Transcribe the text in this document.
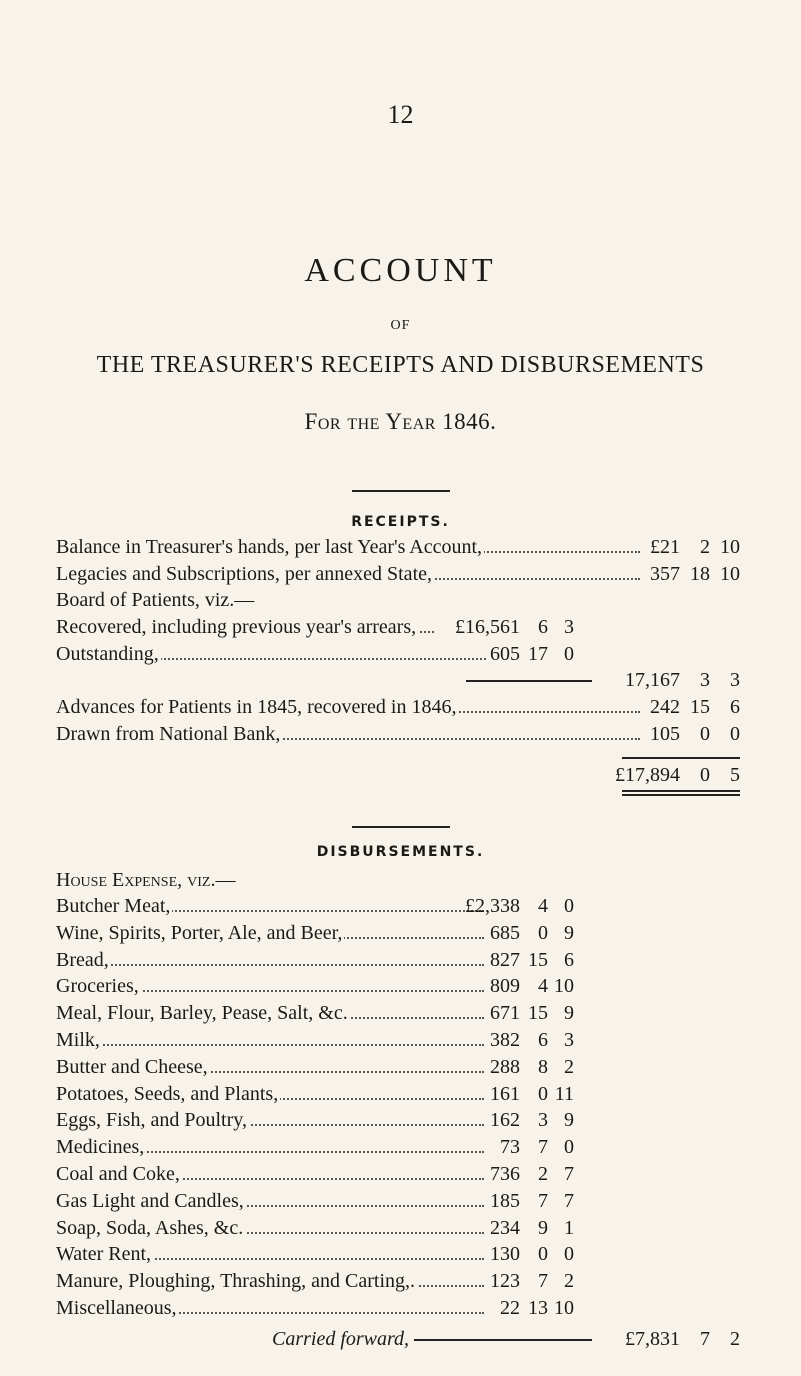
12
ACCOUNT
OF
THE TREASURER'S RECEIPTS AND DISBURSEMENTS
For the Year 1846.
RECEIPTS.
Balance in Treasurer's hands, per last Year's Account,	£21	2 10
Legacies and Subscriptions, per annexed State,	357 18 10
Board of Patients, viz.—
Recovered, including previous year's arrears,	£16,561 6 3
Outstanding,	605 17 0
17,167	3	3
Advances for Patients in 1845, recovered in 1846,	242 15	6
Drawn from National Bank,	105	0	0
£17,894	0	5
DISBURSEMENTS.
House Expense, viz.—
Butcher Meat,	£2,338 4 0
Wine, Spirits, Porter, Ale, and Beer,	685 0 9
Bread,	827 15 6
Groceries,	809 4 10
Meal, Flour, Barley, Pease, Salt, &c.	671 15 9
Milk,	382 6 3
Butter and Cheese,	288 8 2
Potatoes, Seeds, and Plants,	161 0 11
Eggs, Fish, and Poultry,	162 3 9
Medicines,	73 7 0
Coal and Coke,	736 2 7
Gas Light and Candles,	185 7 7
Soap, Soda, Ashes, &c.	234 9 1
Water Rent,	130 0 0
Manure, Ploughing, Thrashing, and Carting,.	123 7 2
Miscellaneous,	22 13 10
Carried forward,	£7,831	7	2
